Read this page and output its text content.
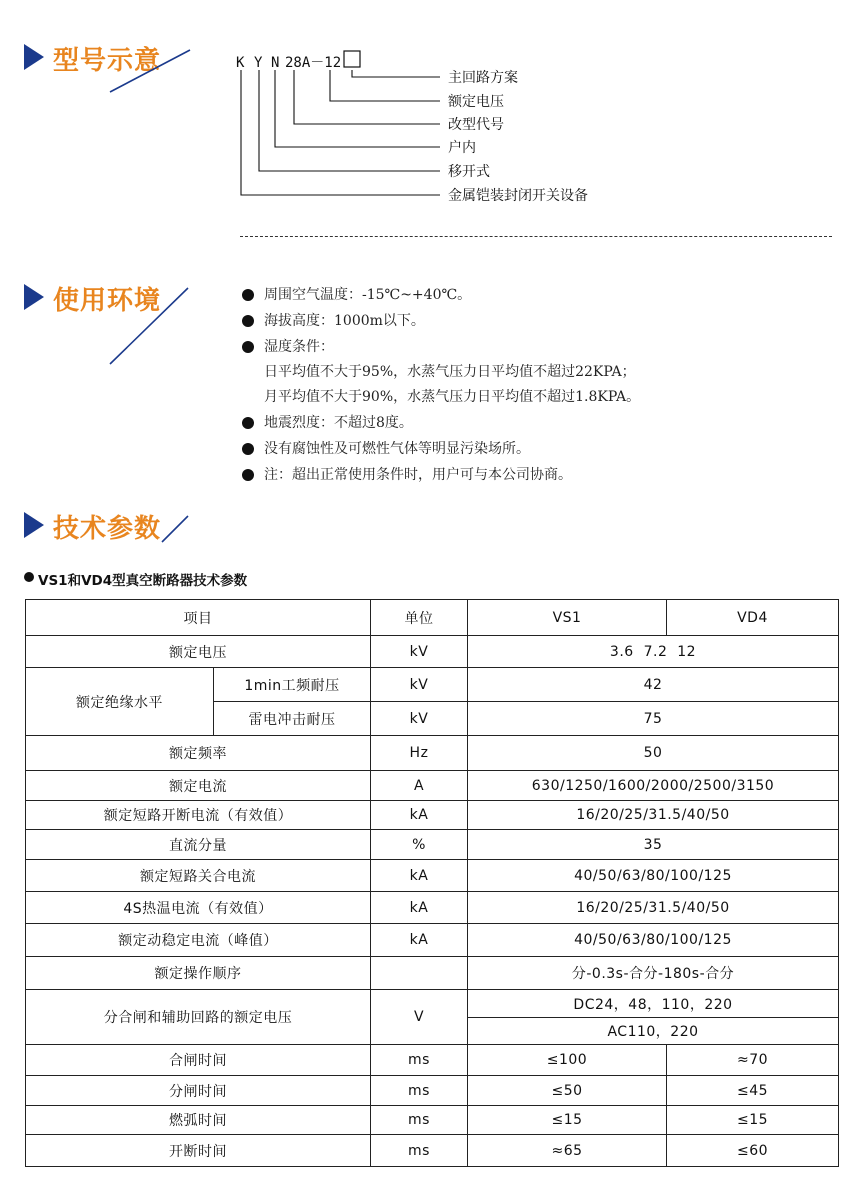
型号示意	K Y N 28A－12
主回路方案
额定电压
改型代号
户内
移开式
金属铠装封闭开关设备
使用环境	周围空气温度：-15℃~+40℃。
海拔高度：1000m以下。
湿度条件：
日平均值不大于95%，水蒸气压力日平均值不超过22KPA；
月平均值不大于90%，水蒸气压力日平均值不超过1.8KPA。
地震烈度：不超过8度。
没有腐蚀性及可燃性气体等明显污染场所。
注：超出正常使用条件时，用户可与本公司协商。
技术参数
VS1和VD4型真空断路器技术参数
项目		单位	VS1	VD4
额定电压		kV	3.6  7.2  12	
额定绝缘水平	1min工频耐压	kV	42	
	雷电冲击耐压	kV	75	
额定频率		Hz	50	
额定电流		A	630/1250/1600/2000/2500/3150	
额定短路开断电流（有效值）		kA	16/20/25/31.5/40/50	
直流分量		%	35	
额定短路关合电流		kA	40/50/63/80/100/125	
4S热温电流（有效值）		kA	16/20/25/31.5/40/50	
额定动稳定电流（峰值）		kA	40/50/63/80/100/125	
额定操作顺序			分-0.3s-合分-180s-合分	
分合闸和辅助回路的额定电压		V	DC24，48，110，220	
			AC110，220	
合闸时间		ms	≤100	≈70
分闸时间		ms	≤50	≤45
燃弧时间		ms	≤15	≤15
开断时间		ms	≈65	≤60
